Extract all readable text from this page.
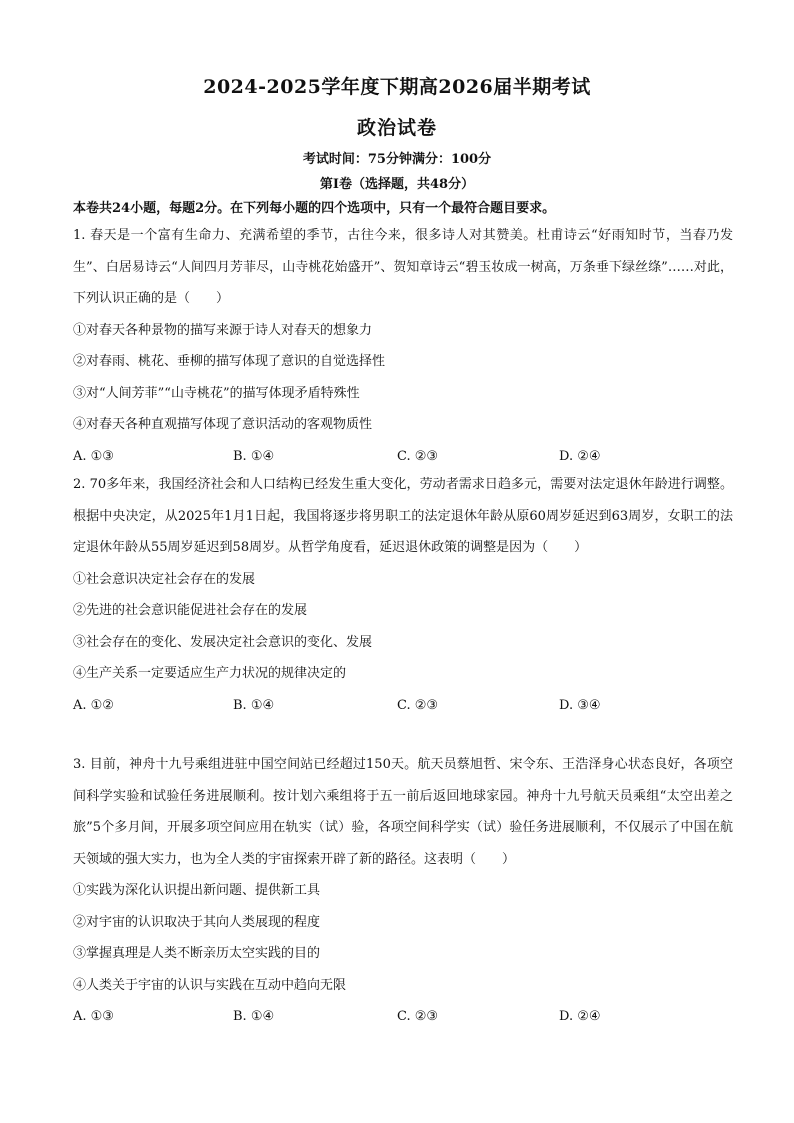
2024-2025学年度下期高2026届半期考试
政治试卷
考试时间：75分钟满分：100分
第Ⅰ卷（选择题，共48分）
本卷共24小题，每题2分。在下列每小题的四个选项中，只有一个最符合题目要求。
1. 春天是一个富有生命力、充满希望的季节，古往今来，很多诗人对其赞美。杜甫诗云“好雨知时节，当春乃发生”、白居易诗云“人间四月芳菲尽，山寺桃花始盛开”、贺知章诗云“碧玉妆成一树高，万条垂下绿丝绦”……对此，下列认识正确的是（　　）
①对春天各种景物的描写来源于诗人对春天的想象力
②对春雨、桃花、垂柳的描写体现了意识的自觉选择性
③对“人间芳菲”“山寺桃花”的描写体现矛盾特殊性
④对春天各种直观描写体现了意识活动的客观物质性
A. ①③	B. ①④	C. ②③	D. ②④
2. 70多年来，我国经济社会和人口结构已经发生重大变化，劳动者需求日趋多元，需要对法定退休年龄进行调整。根据中央决定，从2025年1月1日起，我国将逐步将男职工的法定退休年龄从原60周岁延迟到63周岁，女职工的法定退休年龄从55周岁延迟到58周岁。从哲学角度看，延迟退休政策的调整是因为（　　）
①社会意识决定社会存在的发展
②先进的社会意识能促进社会存在的发展
③社会存在的变化、发展决定社会意识的变化、发展
④生产关系一定要适应生产力状况的规律决定的
A. ①②	B. ①④	C. ②③	D. ③④
3. 目前，神舟十九号乘组进驻中国空间站已经超过150天。航天员蔡旭哲、宋令东、王浩泽身心状态良好，各项空间科学实验和试验任务进展顺利。按计划六乘组将于五一前后返回地球家园。神舟十九号航天员乘组“太空出差之旅”5个多月间，开展多项空间应用在轨实（试）验，各项空间科学实（试）验任务进展顺利，不仅展示了中国在航天领域的强大实力，也为全人类的宇宙探索开辟了新的路径。这表明（　　）
①实践为深化认识提出新问题、提供新工具
②对宇宙的认识取决于其向人类展现的程度
③掌握真理是人类不断亲历太空实践的目的
④人类关于宇宙的认识与实践在互动中趋向无限
A. ①③	B. ①④	C. ②③	D. ②④
